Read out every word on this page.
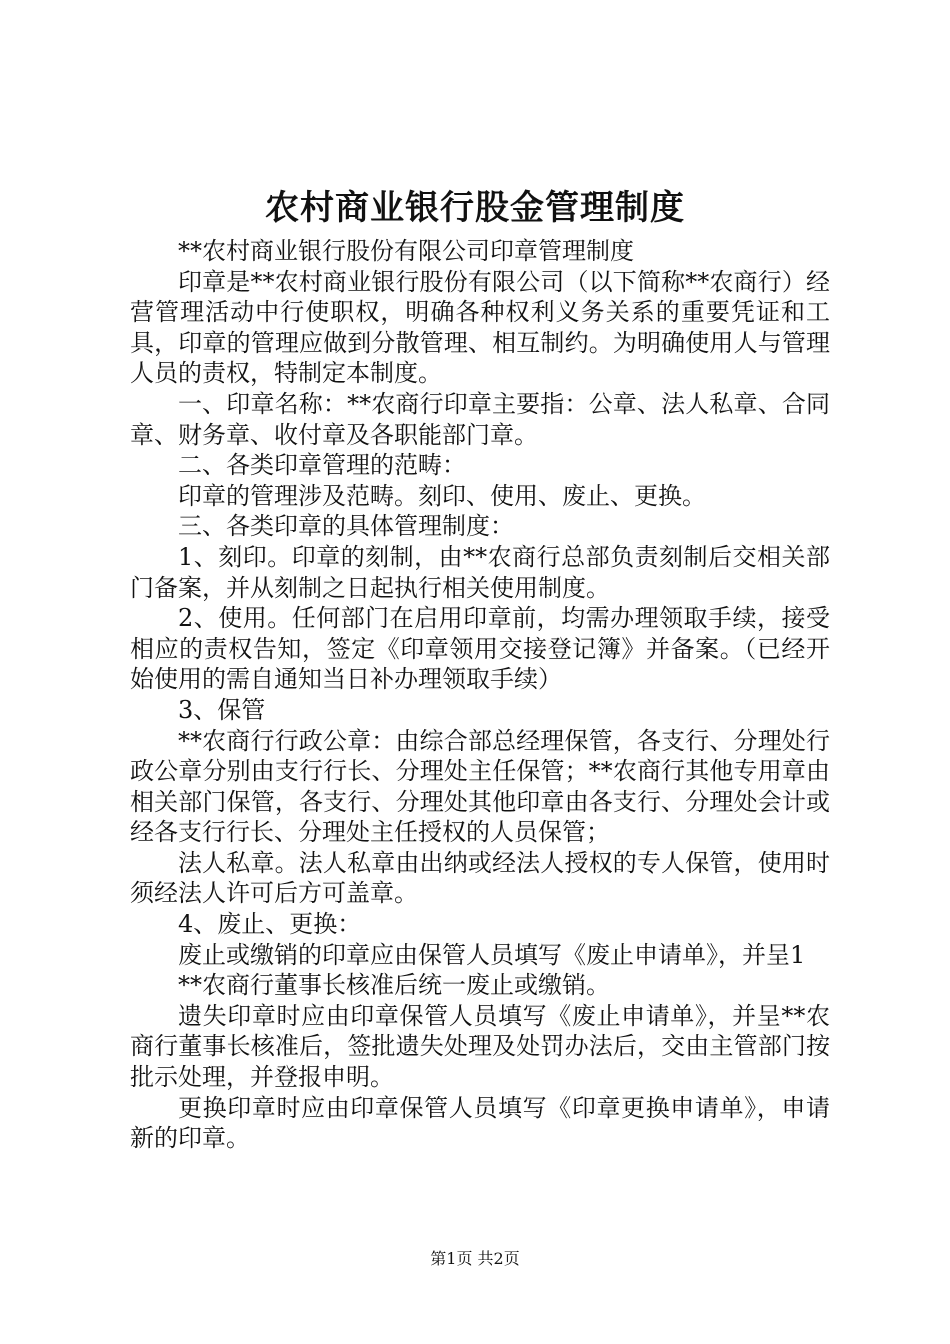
农村商业银行股金管理制度

**农村商业银行股份有限公司印章管理制度

印章是**农村商业银行股份有限公司（以下简称**农商行）经营管理活动中行使职权，明确各种权利义务关系的重要凭证和工具，印章的管理应做到分散管理、相互制约。为明确使用人与管理人员的责权，特制定本制度。

一、印章名称：**农商行印章主要指：公章、法人私章、合同章、财务章、收付章及各职能部门章。

二、各类印章管理的范畴：

印章的管理涉及范畴。刻印、使用、废止、更换。

三、各类印章的具体管理制度：

1、刻印。印章的刻制，由**农商行总部负责刻制后交相关部门备案，并从刻制之日起执行相关使用制度。

2、使用。任何部门在启用印章前，均需办理领取手续，接受相应的责权告知，签定《印章领用交接登记簿》并备案。（已经开始使用的需自通知当日补办理领取手续）

3、保管

**农商行行政公章：由综合部总经理保管，各支行、分理处行政公章分别由支行行长、分理处主任保管；**农商行其他专用章由相关部门保管，各支行、分理处其他印章由各支行、分理处会计或经各支行行长、分理处主任授权的人员保管；

法人私章。法人私章由出纳或经法人授权的专人保管，使用时须经法人许可后方可盖章。

4、废止、更换：

废止或缴销的印章应由保管人员填写《废止申请单》，并呈1

**农商行董事长核准后统一废止或缴销。

遗失印章时应由印章保管人员填写《废止申请单》，并呈**农商行董事长核准后，签批遗失处理及处罚办法后，交由主管部门按批示处理，并登报申明。

更换印章时应由印章保管人员填写《印章更换申请单》，申请新的印章。

第1页 共2页
